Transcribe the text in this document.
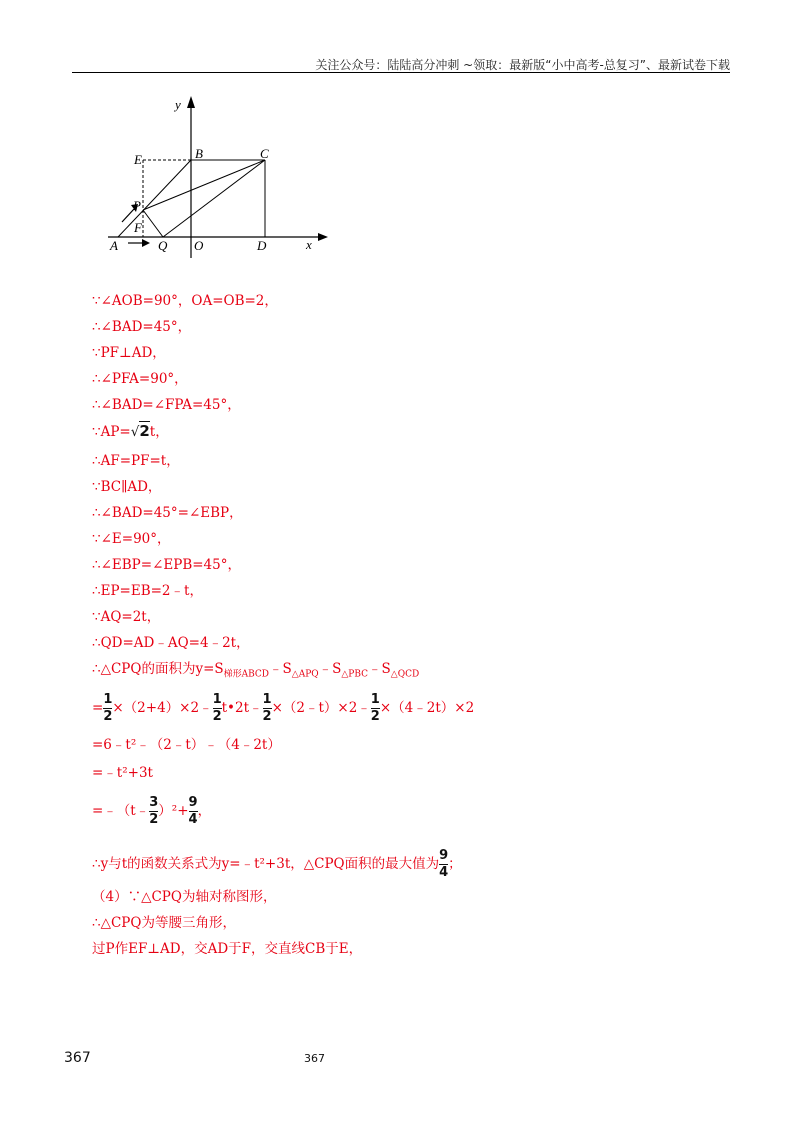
关注公众号：陆陆高分冲刺 ~领取：最新版“小中高考-总复习”、最新试卷下载
y
E	B	C
P
F
A	Q O	D	x
∵∠AOB=90°，OA=OB=2，
∴∠BAD=45°，
∵PF⊥AD，
∴∠PFA=90°，
∴∠BAD=∠FPA=45°，
∵AP=√2t，
∴AF=PF=t，
∵BC∥AD，
∴∠BAD=45°=∠EBP，
∵∠E=90°，
∴∠EBP=∠EPB=45°，
∴EP=EB=2﹣t，
∵AQ=2t，
∴QD=AD﹣AQ=4﹣2t，
∴△CPQ的面积为$y=S_{梯形ABCD}﹣S_{\triangle APQ}﹣S_{\triangle PBC}﹣S_{\triangle QCD}$
= $\frac{1}{2}$ ×（2+4）×2﹣ $\frac{1}{2}$ t•2t﹣ $\frac{1}{2}$ ×（2﹣t）×2﹣ $\frac{1}{2}$ ×（4﹣2t）×2
=6﹣t²﹣（2﹣t）﹣（4﹣2t）
=﹣t²+3t
=﹣（t﹣ $\frac{3}{2} )^2+ \frac{9}{4}$ ，
∴y与t的函数关系式为y=﹣t²+3t，△CPQ面积的最大值为 $\frac{9}{4}$ ；
（4）∵△CPQ为轴对称图形，
∴△CPQ为等腰三角形，
过P作EF⊥AD，交AD于F，交直线CB于E，
367	367
